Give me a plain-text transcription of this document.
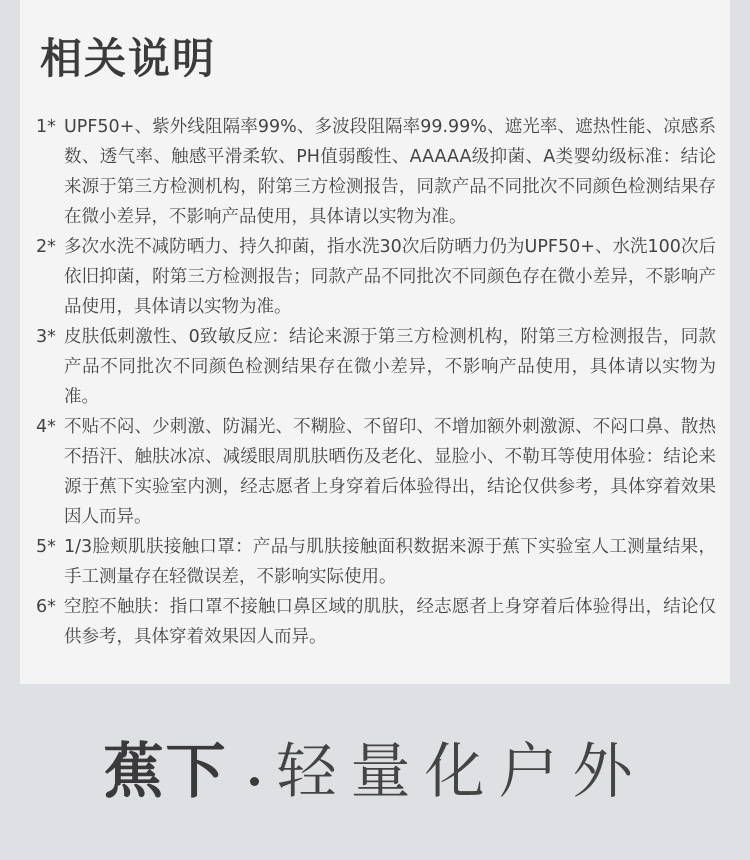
相关说明
1* UPF50+、紫外线阻隔率99%、多波段阻隔率99.99%、遮光率、遮热性能、凉感系数、透气率、触感平滑柔软、PH值弱酸性、AAAAA级抑菌、A类婴幼级标准：结论来源于第三方检测机构，附第三方检测报告，同款产品不同批次不同颜色检测结果存在微小差异，不影响产品使用，具体请以实物为准。
2* 多次水洗不减防晒力、持久抑菌，指水洗30次后防晒力仍为UPF50+、水洗100次后依旧抑菌，附第三方检测报告；同款产品不同批次不同颜色存在微小差异，不影响产品使用，具体请以实物为准。
3* 皮肤低刺激性、0致敏反应：结论来源于第三方检测机构，附第三方检测报告，同款产品不同批次不同颜色检测结果存在微小差异，不影响产品使用，具体请以实物为准。
4* 不贴不闷、少刺激、防漏光、不糊脸、不留印、不增加额外刺激源、不闷口鼻、散热不捂汗、触肤冰凉、减缓眼周肌肤晒伤及老化、显脸小、不勒耳等使用体验：结论来源于蕉下实验室内测，经志愿者上身穿着后体验得出，结论仅供参考，具体穿着效果因人而异。
5* 1/3脸颊肌肤接触口罩：产品与肌肤接触面积数据来源于蕉下实验室人工测量结果，手工测量存在轻微误差，不影响实际使用。
6* 空腔不触肤：指口罩不接触口鼻区域的肌肤，经志愿者上身穿着后体验得出，结论仅供参考，具体穿着效果因人而异。
蕉下 轻量化户外
